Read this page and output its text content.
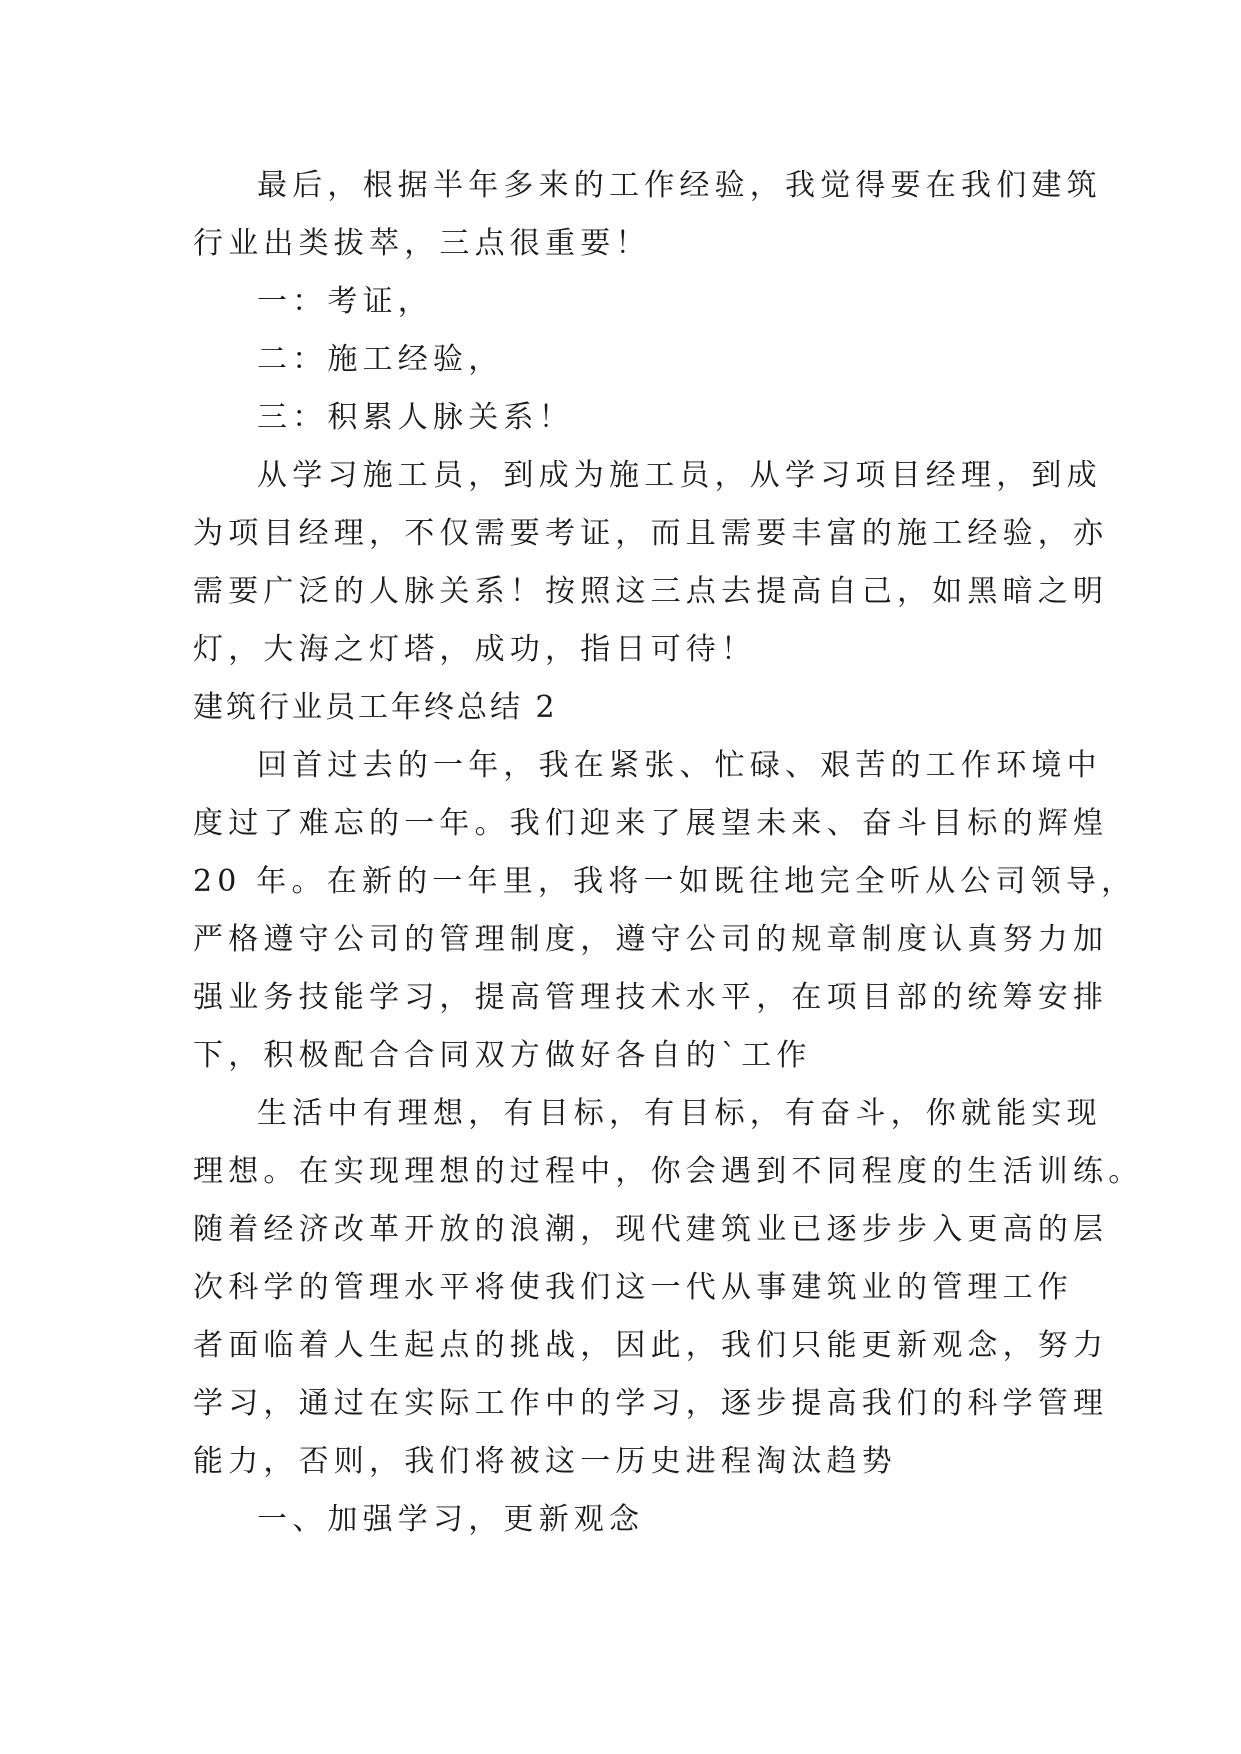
最后，根据半年多来的工作经验，我觉得要在我们建筑
行业出类拔萃，三点很重要！
一：考证，
二：施工经验，
三：积累人脉关系！
从学习施工员，到成为施工员，从学习项目经理，到成
为项目经理，不仅需要考证，而且需要丰富的施工经验，亦
需要广泛的人脉关系！按照这三点去提高自己，如黑暗之明
灯，大海之灯塔，成功，指日可待！
建筑行业员工年终总结 2
回首过去的一年，我在紧张、忙碌、艰苦的工作环境中
度过了难忘的一年。我们迎来了展望未来、奋斗目标的辉煌
20 年。在新的一年里，我将一如既往地完全听从公司领导，
严格遵守公司的管理制度，遵守公司的规章制度认真努力加
强业务技能学习，提高管理技术水平，在项目部的统筹安排
下，积极配合合同双方做好各自的`工作
生活中有理想，有目标，有目标，有奋斗，你就能实现
理想。在实现理想的过程中，你会遇到不同程度的生活训练。
随着经济改革开放的浪潮，现代建筑业已逐步步入更高的层
次科学的管理水平将使我们这一代从事建筑业的管理工作
者面临着人生起点的挑战，因此，我们只能更新观念，努力
学习，通过在实际工作中的学习，逐步提高我们的科学管理
能力，否则，我们将被这一历史进程淘汰趋势
一、加强学习，更新观念
